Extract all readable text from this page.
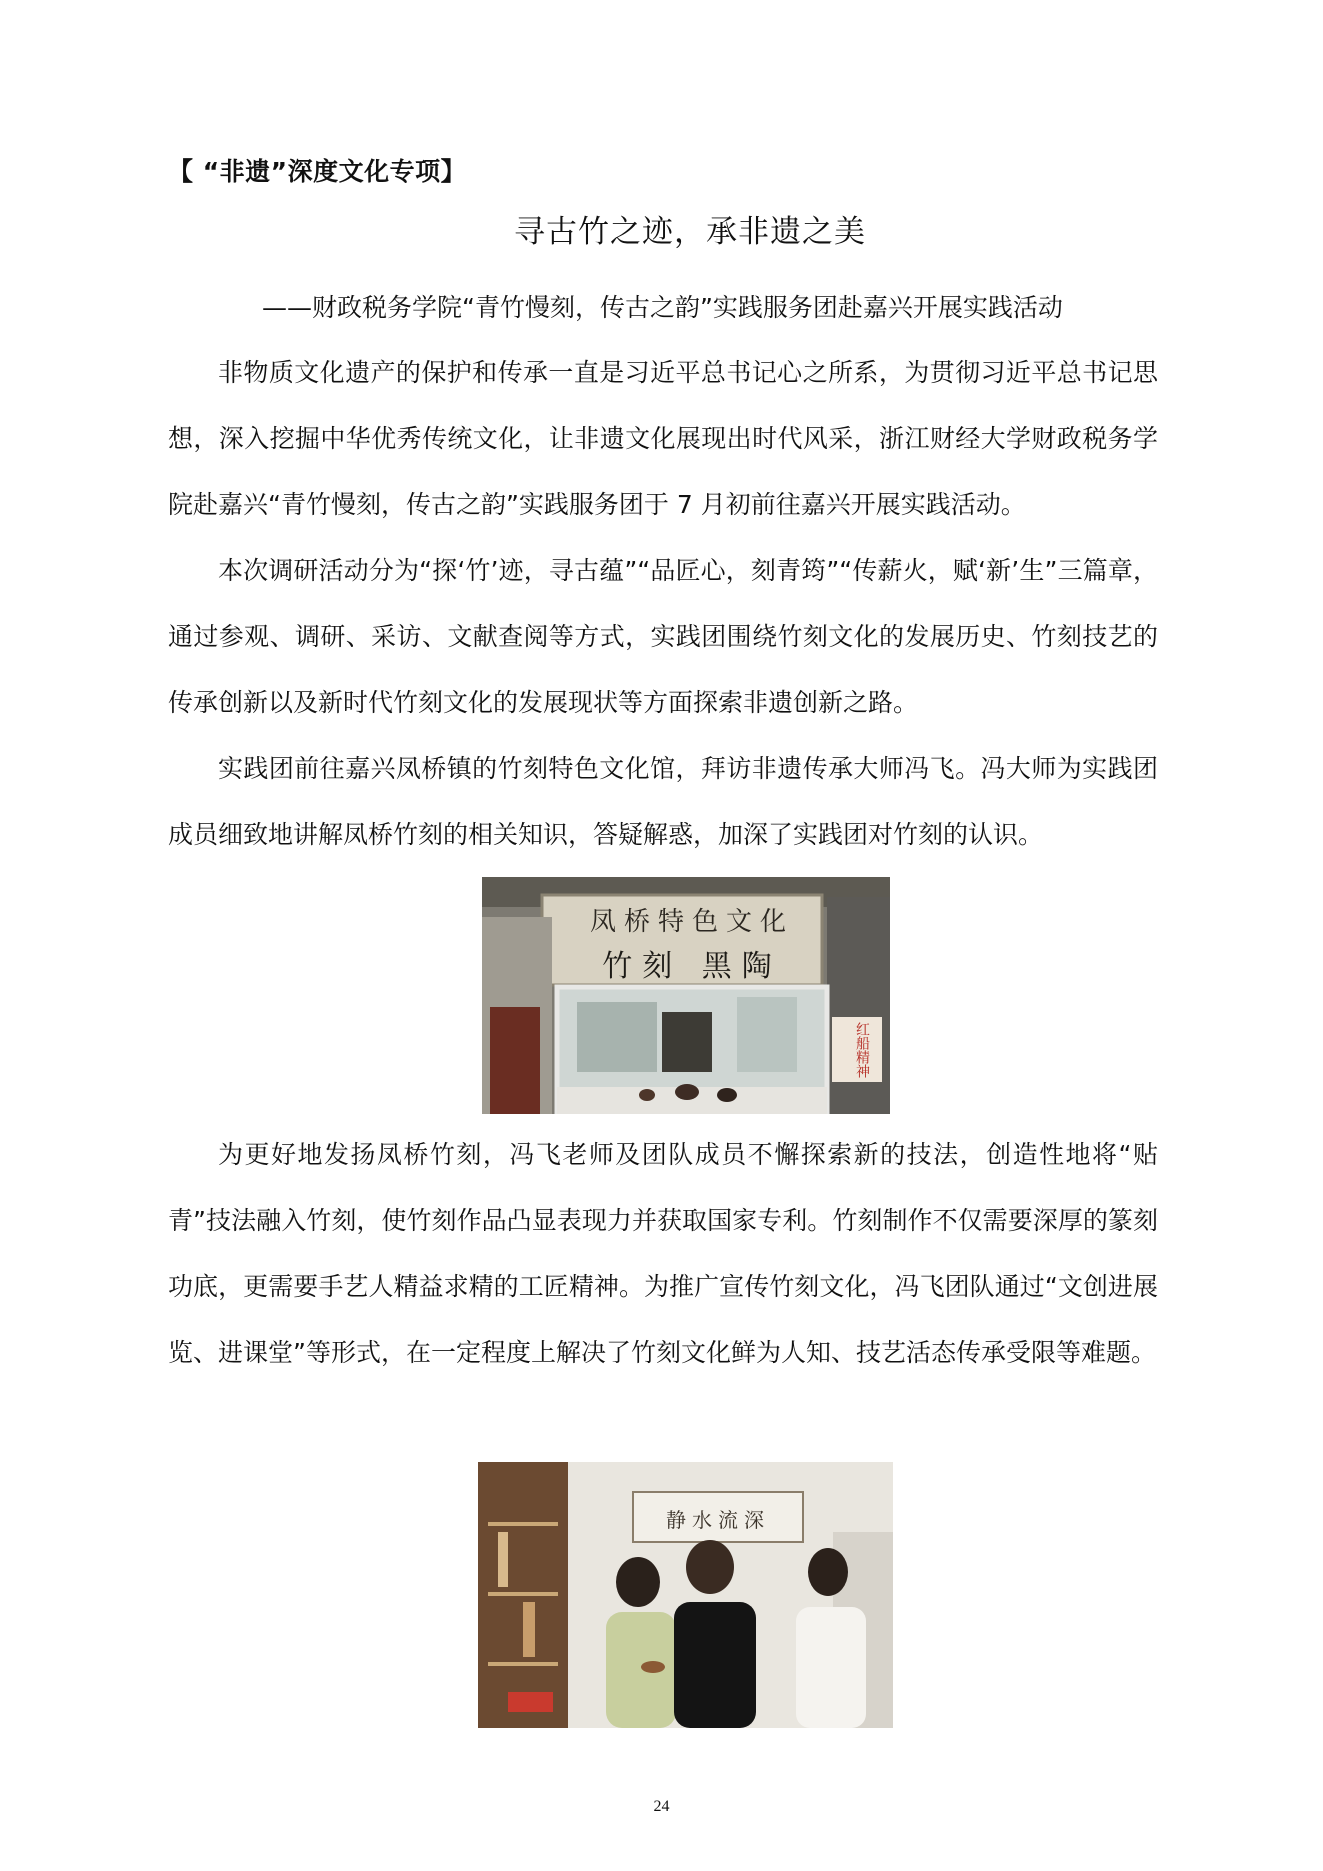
【 “非遗”深度文化专项】
寻古竹之迹，承非遗之美
——财政税务学院“青竹慢刻，传古之韵”实践服务团赴嘉兴开展实践活动

非物质文化遗产的保护和传承一直是习近平总书记心之所系，为贯彻习近平总书记思想，深入挖掘中华优秀传统文化，让非遗文化展现出时代风采，浙江财经大学财政税务学院赴嘉兴“青竹慢刻，传古之韵”实践服务团于 7 月初前往嘉兴开展实践活动。

本次调研活动分为“探‘竹’迹，寻古蕴”“品匠心，刻青筠”“传薪火，赋‘新’生”三篇章，通过参观、调研、采访、文献查阅等方式，实践团围绕竹刻文化的发展历史、竹刻技艺的传承创新以及新时代竹刻文化的发展现状等方面探索非遗创新之路。

实践团前往嘉兴凤桥镇的竹刻特色文化馆，拜访非遗传承大师冯飞。冯大师为实践团成员细致地讲解凤桥竹刻的相关知识，答疑解惑，加深了实践团对竹刻的认识。

凤桥特色文化
竹刻 黑陶
红船精神

为更好地发扬凤桥竹刻，冯飞老师及团队成员不懈探索新的技法，创造性地将“贴青”技法融入竹刻，使竹刻作品凸显表现力并获取国家专利。竹刻制作不仅需要深厚的篆刻功底，更需要手艺人精益求精的工匠精神。为推广宣传竹刻文化，冯飞团队通过“文创进展览、进课堂”等形式，在一定程度上解决了竹刻文化鲜为人知、技艺活态传承受限等难题。

静水流深
24
